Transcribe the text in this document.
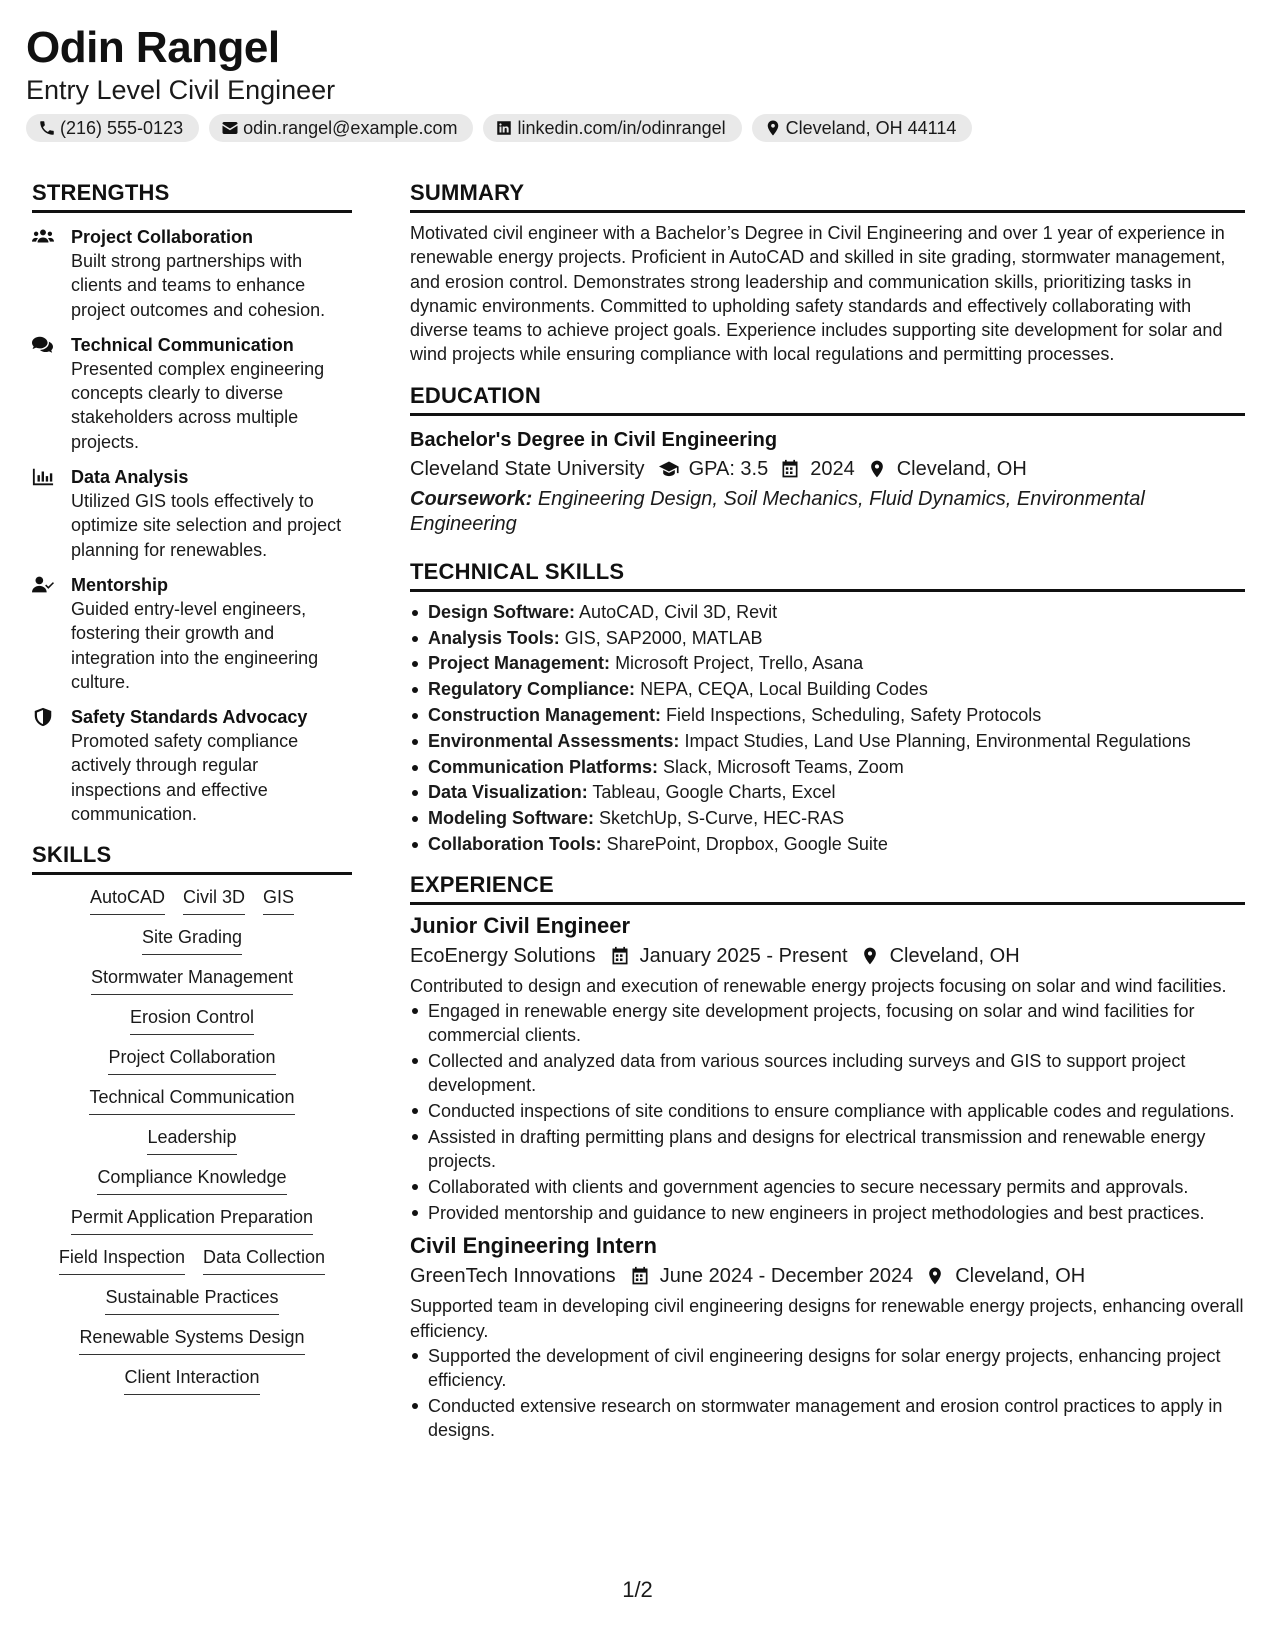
Odin Rangel
Entry Level Civil Engineer
(216) 555-0123	odin.rangel@example.com	linkedin.com/in/odinrangel	Cleveland, OH 44114
STRENGTHS
Project Collaboration
Built strong partnerships with clients and teams to enhance project outcomes and cohesion.
Technical Communication
Presented complex engineering concepts clearly to diverse stakeholders across multiple projects.
Data Analysis
Utilized GIS tools effectively to optimize site selection and project planning for renewables.
Mentorship
Guided entry-level engineers, fostering their growth and integration into the engineering culture.
Safety Standards Advocacy
Promoted safety compliance actively through regular inspections and effective communication.
SKILLS
AutoCAD Civil 3D GIS
Site Grading
Stormwater Management
Erosion Control
Project Collaboration
Technical Communication
Leadership
Compliance Knowledge
Permit Application Preparation
Field Inspection Data Collection
Sustainable Practices
Renewable Systems Design
Client Interaction
SUMMARY
Motivated civil engineer with a Bachelor’s Degree in Civil Engineering and over 1 year of experience in renewable energy projects. Proficient in AutoCAD and skilled in site grading, stormwater management, and erosion control. Demonstrates strong leadership and communication skills, prioritizing tasks in dynamic environments. Committed to upholding safety standards and effectively collaborating with diverse teams to achieve project goals. Experience includes supporting site development for solar and wind projects while ensuring compliance with local regulations and permitting processes.
EDUCATION
Bachelor's Degree in Civil Engineering
Cleveland State University GPA: 3.5 2024 Cleveland, OH
Coursework: Engineering Design, Soil Mechanics, Fluid Dynamics, Environmental Engineering
TECHNICAL SKILLS
Design Software: AutoCAD, Civil 3D, Revit
Analysis Tools: GIS, SAP2000, MATLAB
Project Management: Microsoft Project, Trello, Asana
Regulatory Compliance: NEPA, CEQA, Local Building Codes
Construction Management: Field Inspections, Scheduling, Safety Protocols
Environmental Assessments: Impact Studies, Land Use Planning, Environmental Regulations
Communication Platforms: Slack, Microsoft Teams, Zoom
Data Visualization: Tableau, Google Charts, Excel
Modeling Software: SketchUp, S-Curve, HEC-RAS
Collaboration Tools: SharePoint, Dropbox, Google Suite
EXPERIENCE
Junior Civil Engineer
EcoEnergy Solutions January 2025 - Present Cleveland, OH
Contributed to design and execution of renewable energy projects focusing on solar and wind facilities.
Engaged in renewable energy site development projects, focusing on solar and wind facilities for commercial clients.
Collected and analyzed data from various sources including surveys and GIS to support project development.
Conducted inspections of site conditions to ensure compliance with applicable codes and regulations.
Assisted in drafting permitting plans and designs for electrical transmission and renewable energy projects.
Collaborated with clients and government agencies to secure necessary permits and approvals.
Provided mentorship and guidance to new engineers in project methodologies and best practices.
Civil Engineering Intern
GreenTech Innovations June 2024 - December 2024 Cleveland, OH
Supported team in developing civil engineering designs for renewable energy projects, enhancing overall efficiency.
Supported the development of civil engineering designs for solar energy projects, enhancing project efficiency.
Conducted extensive research on stormwater management and erosion control practices to apply in designs.
1/2
